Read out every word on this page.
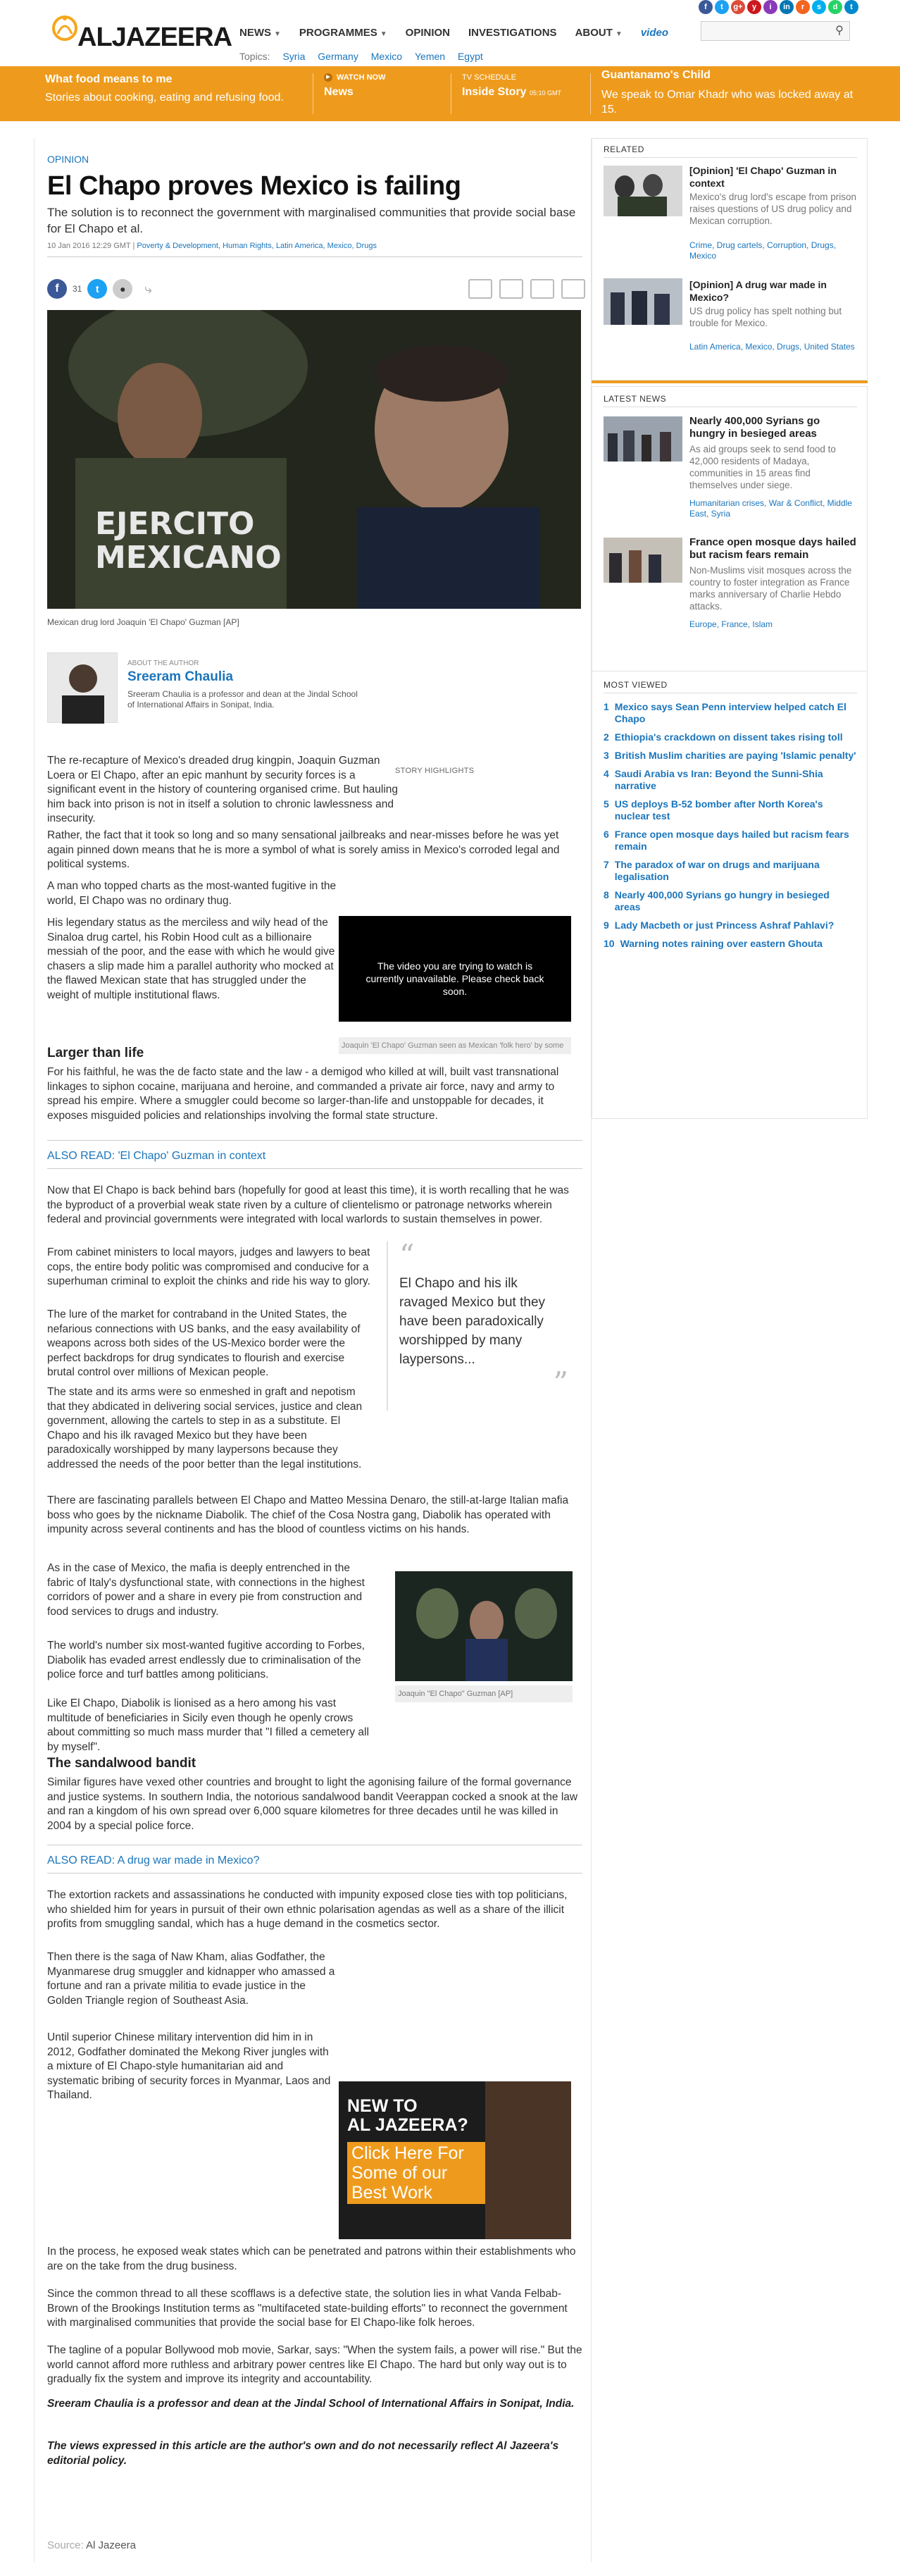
ALJAZEERA NEWS ▼ PROGRAMMES ▼ OPINION INVESTIGATIONS ABOUT ▼ video
Topics: Syria Germany Mexico Yemen Egypt
f	t	g+	y	i	in	r	s	d	t
⚲
What food means to me
Stories about cooking, eating and refusing food.
▶ WATCH NOW
News
TV SCHEDULE
Inside Story 05:10 GMT
Guantanamo's Child
We speak to Omar Khadr who was locked away at 15.
OPINION
El Chapo proves Mexico is failing
The solution is to reconnect the government with marginalised communities that provide social base for El Chapo et al.
10 Jan 2016 12:29 GMT | Poverty & Development, Human Rights, Latin America, Mexico, Drugs
f	31	t	●	⤷
EJERCITO
MEXICANO
Mexican drug lord Joaquin 'El Chapo' Guzman [AP]
ABOUT THE AUTHOR
Sreeram Chaulia
Sreeram Chaulia is a professor and dean at the Jindal School of International Affairs in Sonipat, India.
The re-recapture of Mexico's dreaded drug kingpin, Joaquin Guzman Loera or El Chapo, after an epic manhunt by security forces is a significant event in the history of countering organised crime. But hauling him back into prison is not in itself a solution to chronic lawlessness and insecurity.
STORY HIGHLIGHTS
Rather, the fact that it took so long and so many sensational jailbreaks and near-misses before he was yet again pinned down means that he is more a symbol of what is sorely amiss in Mexico's corroded legal and political systems.
A man who topped charts as the most-wanted fugitive in the world, El Chapo was no ordinary thug.
His legendary status as the merciless and wily head of the Sinaloa drug cartel, his Robin Hood cult as a billionaire messiah of the poor, and the ease with which he would give chasers a slip made him a parallel authority who mocked at the flawed Mexican state that has struggled under the weight of multiple institutional flaws.
The video you are trying to watch is currently unavailable. Please check back soon.
Joaquin 'El Chapo' Guzman seen as Mexican 'folk hero' by some
Larger than life
For his faithful, he was the de facto state and the law - a demigod who killed at will, built vast transnational linkages to siphon cocaine, marijuana and heroine, and commanded a private air force, navy and army to spread his empire. Where a smuggler could become so larger-than-life and unstoppable for decades, it exposes misguided policies and relationships involving the formal state structure.
ALSO READ: 'El Chapo' Guzman in context
Now that El Chapo is back behind bars (hopefully for good at least this time), it is worth recalling that he was the byproduct of a proverbial weak state riven by a culture of clientelismo or patronage networks wherein federal and provincial governments were integrated with local warlords to sustain themselves in power.
From cabinet ministers to local mayors, judges and lawyers to beat cops, the entire body politic was compromised and conducive for a superhuman criminal to exploit the chinks and ride his way to glory.
“
El Chapo and his ilk ravaged Mexico but they have been paradoxically worshipped by many laypersons...
”
The lure of the market for contraband in the United States, the nefarious connections with US banks, and the easy availability of weapons across both sides of the US-Mexico border were the perfect backdrops for drug syndicates to flourish and exercise brutal control over millions of Mexican people.
The state and its arms were so enmeshed in graft and nepotism that they abdicated in delivering social services, justice and clean government, allowing the cartels to step in as a substitute. El Chapo and his ilk ravaged Mexico but they have been paradoxically worshipped by many laypersons because they addressed the needs of the poor better than the legal institutions.
There are fascinating parallels between El Chapo and Matteo Messina Denaro, the still-at-large Italian mafia boss who goes by the nickname Diabolik. The chief of the Cosa Nostra gang, Diabolik has operated with impunity across several continents and has the blood of countless victims on his hands.
As in the case of Mexico, the mafia is deeply entrenched in the fabric of Italy's dysfunctional state, with connections in the highest corridors of power and a share in every pie from construction and food services to drugs and industry.
Joaquin "El Chapo" Guzman [AP]
The world's number six most-wanted fugitive according to Forbes, Diabolik has evaded arrest endlessly due to criminalisation of the police force and turf battles among politicians.
Like El Chapo, Diabolik is lionised as a hero among his vast multitude of beneficiaries in Sicily even though he openly crows about committing so much mass murder that "I filled a cemetery all by myself".
The sandalwood bandit
Similar figures have vexed other countries and brought to light the agonising failure of the formal governance and justice systems. In southern India, the notorious sandalwood bandit Veerappan cocked a snook at the law and ran a kingdom of his own spread over 6,000 square kilometres for three decades until he was killed in 2004 by a special police force.
ALSO READ: A drug war made in Mexico?
The extortion rackets and assassinations he conducted with impunity exposed close ties with top politicians, who shielded him for years in pursuit of their own ethnic polarisation agendas as well as a share of the illicit profits from smuggling sandal, which has a huge demand in the cosmetics sector.
Then there is the saga of Naw Kham, alias Godfather, the Myanmarese drug smuggler and kidnapper who amassed a fortune and ran a private militia to evade justice in the Golden Triangle region of Southeast Asia.
Until superior Chinese military intervention did him in in 2012, Godfather dominated the Mekong River jungles with a mixture of El Chapo-style humanitarian aid and systematic bribing of security forces in Myanmar, Laos and Thailand.
NEW TO
AL JAZEERA?
Click Here For
Some of our
Best Work
In the process, he exposed weak states which can be penetrated and patrons within their establishments who are on the take from the drug business.
Since the common thread to all these scofflaws is a defective state, the solution lies in what Vanda Felbab-Brown of the Brookings Institution terms as "multifaceted state-building efforts" to reconnect the government with marginalised communities that provide the social base for El Chapo-like folk heroes.
The tagline of a popular Bollywood mob movie, Sarkar, says: "When the system fails, a power will rise." But the world cannot afford more ruthless and arbitrary power centres like El Chapo. The hard but only way out is to gradually fix the system and improve its integrity and accountability.
Sreeram Chaulia is a professor and dean at the Jindal School of International Affairs in Sonipat, India.
The views expressed in this article are the author's own and do not necessarily reflect Al Jazeera's editorial policy.
Source: Al Jazeera
RELATED
[Opinion] 'El Chapo' Guzman in context
Mexico's drug lord's escape from prison raises questions of US drug policy and Mexican corruption.
Crime, Drug cartels, Corruption, Drugs, Mexico
[Opinion] A drug war made in Mexico?
US drug policy has spelt nothing but trouble for Mexico.
Latin America, Mexico, Drugs, United States
LATEST NEWS
Nearly 400,000 Syrians go hungry in besieged areas
As aid groups seek to send food to 42,000 residents of Madaya, communities in 15 areas find themselves under siege.
Humanitarian crises, War & Conflict, Middle East, Syria
France open mosque days hailed but racism fears remain
Non-Muslims visit mosques across the country to foster integration as France marks anniversary of Charlie Hebdo attacks.
Europe, France, Islam
MOST VIEWED
1 Mexico says Sean Penn interview helped catch El Chapo
2 Ethiopia's crackdown on dissent takes rising toll
3 British Muslim charities are paying 'Islamic penalty'
4 Saudi Arabia vs Iran: Beyond the Sunni-Shia narrative
5 US deploys B-52 bomber after North Korea's nuclear test
6 France open mosque days hailed but racism fears remain
7 The paradox of war on drugs and marijuana legalisation
8 Nearly 400,000 Syrians go hungry in besieged areas
9 Lady Macbeth or just Princess Ashraf Pahlavi?
10 Warning notes raining over eastern Ghouta
